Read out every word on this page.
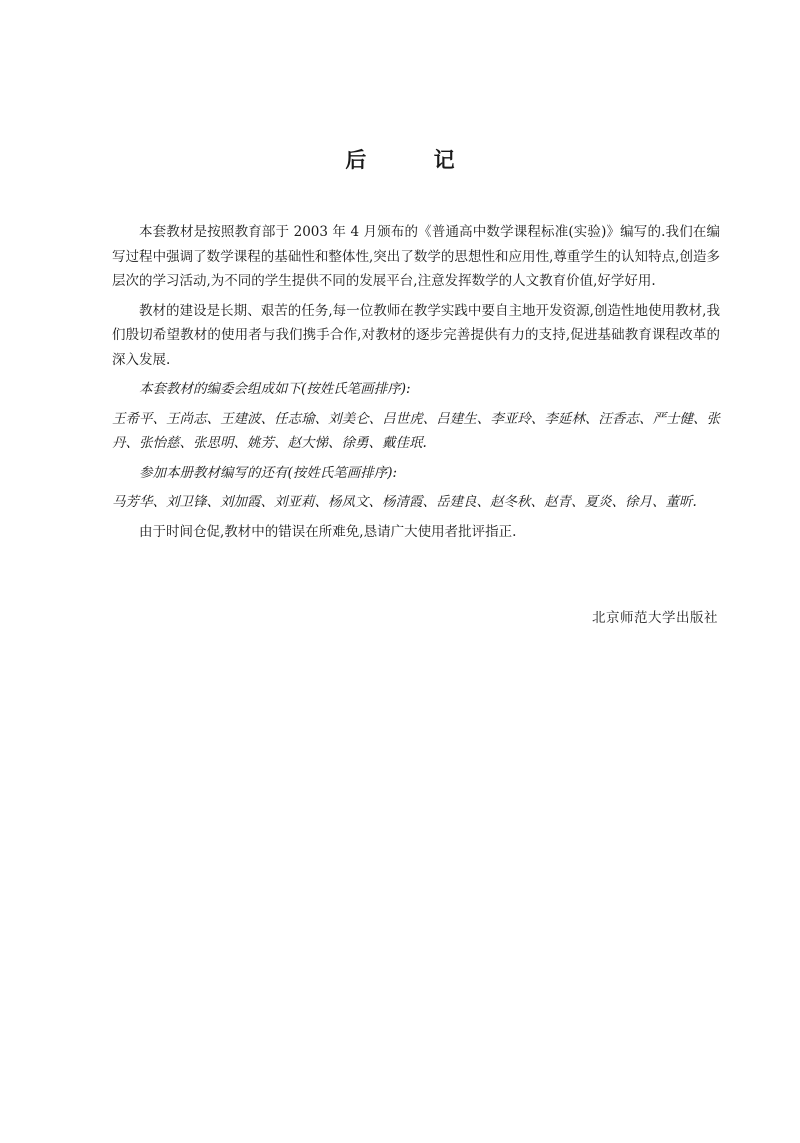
后 记

本套教材是按照教育部于 2003 年 4 月颁布的《普通高中数学课程标准(实验)》编写的.我们在编写过程中强调了数学课程的基础性和整体性,突出了数学的思想性和应用性,尊重学生的认知特点,创造多层次的学习活动,为不同的学生提供不同的发展平台,注意发挥数学的人文教育价值,好学好用.

教材的建设是长期、艰苦的任务,每一位教师在教学实践中要自主地开发资源,创造性地使用教材,我们殷切希望教材的使用者与我们携手合作,对教材的逐步完善提供有力的支持,促进基础教育课程改革的深入发展.

本套教材的编委会组成如下(按姓氏笔画排序):

王希平、王尚志、王建波、任志瑜、刘美仑、吕世虎、吕建生、李亚玲、李延林、汪香志、严士健、张丹、张怡慈、张思明、姚芳、赵大悌、徐勇、戴佳珉.

参加本册教材编写的还有(按姓氏笔画排序):

马芳华、刘卫锋、刘加霞、刘亚莉、杨凤文、杨清霞、岳建良、赵冬秋、赵青、夏炎、徐月、董昕.

由于时间仓促,教材中的错误在所难免,恳请广大使用者批评指正.

北京师范大学出版社
